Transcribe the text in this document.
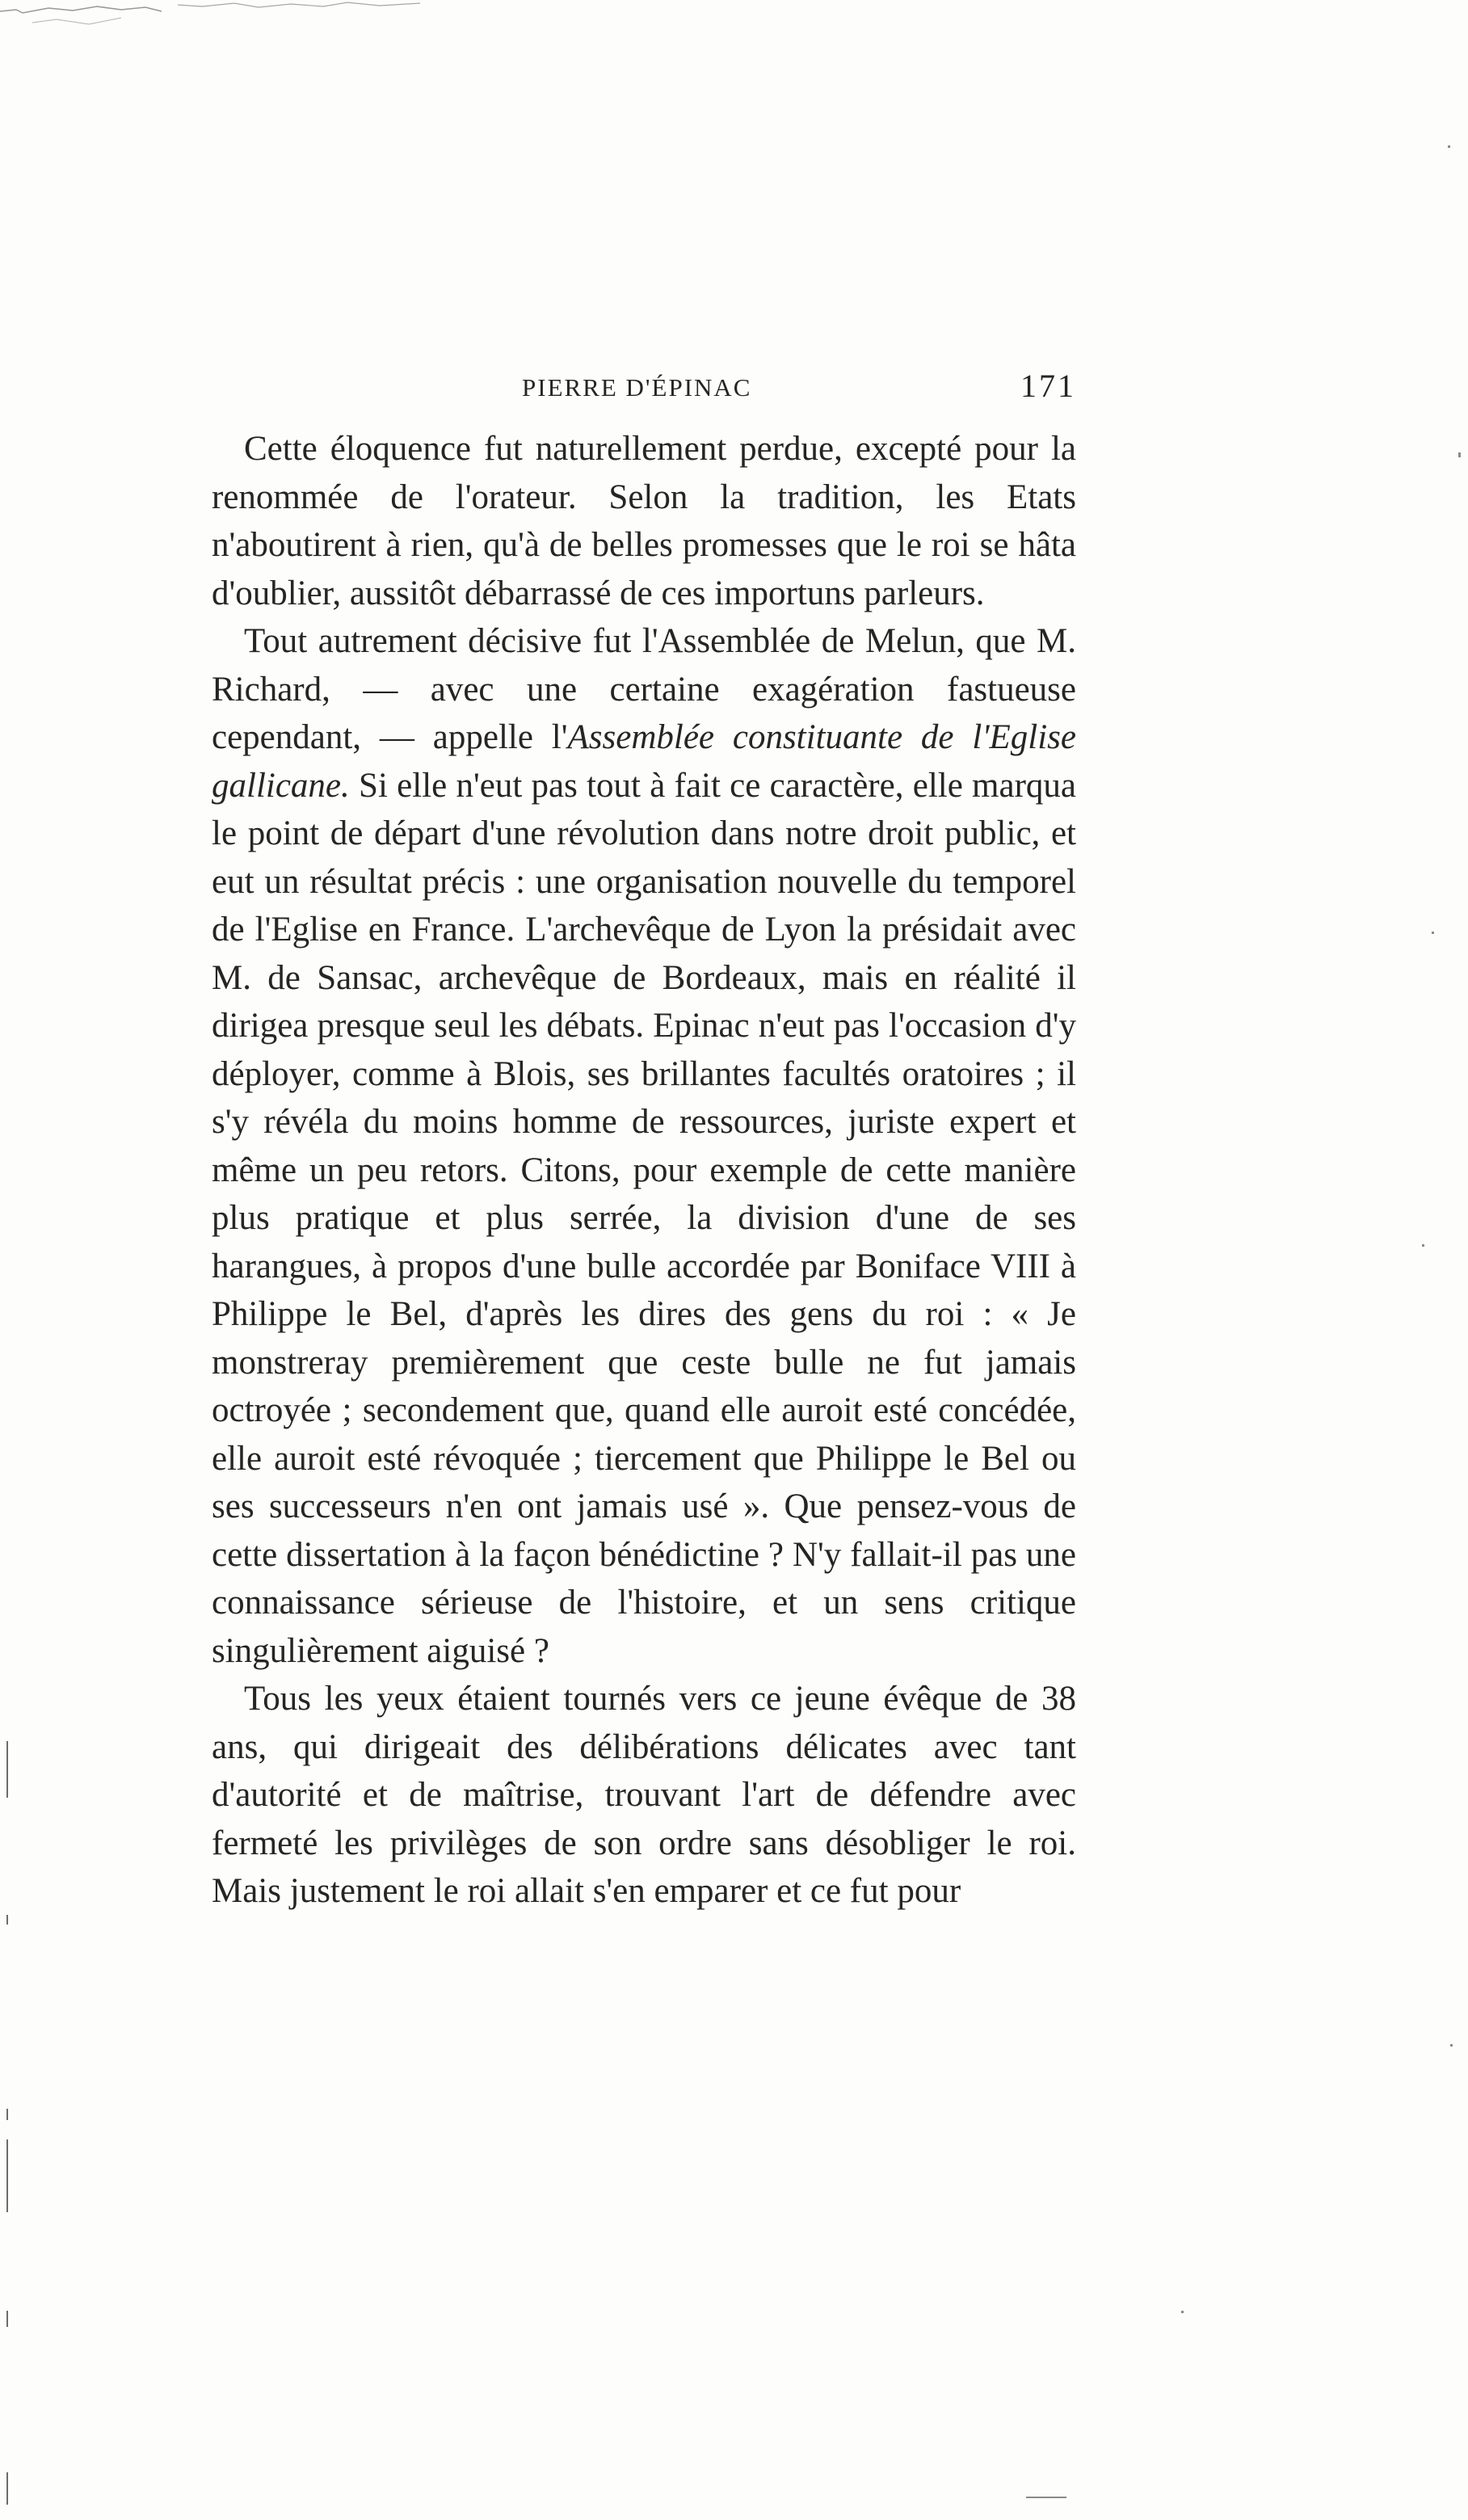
PIERRE D'ÉPINAC	171

Cette éloquence fut naturellement perdue, excepté pour la renommée de l'orateur. Selon la tradition, les Etats n'aboutirent à rien, qu'à de belles promesses que le roi se hâta d'oublier, aussitôt débarrassé de ces importuns parleurs.

Tout autrement décisive fut l'Assemblée de Melun, que M. Richard, — avec une certaine exagération fastueuse cependant, — appelle l'Assemblée constituante de l'Eglise gallicane. Si elle n'eut pas tout à fait ce caractère, elle marqua le point de départ d'une révolution dans notre droit public, et eut un résultat précis : une organisation nouvelle du temporel de l'Eglise en France. L'archevêque de Lyon la présidait avec M. de Sansac, archevêque de Bordeaux, mais en réalité il dirigea presque seul les débats. Epinac n'eut pas l'occasion d'y déployer, comme à Blois, ses brillantes facultés oratoires ; il s'y révéla du moins homme de ressources, juriste expert et même un peu retors. Citons, pour exemple de cette manière plus pratique et plus serrée, la division d'une de ses harangues, à propos d'une bulle accordée par Boniface VIII à Philippe le Bel, d'après les dires des gens du roi : « Je monstreray premièrement que ceste bulle ne fut jamais octroyée ; secondement que, quand elle auroit esté concédée, elle auroit esté révoquée ; tiercement que Philippe le Bel ou ses successeurs n'en ont jamais usé ». Que pensez-vous de cette dissertation à la façon bénédictine ? N'y fallait-il pas une connaissance sérieuse de l'histoire, et un sens critique singulièrement aiguisé ?

Tous les yeux étaient tournés vers ce jeune évêque de 38 ans, qui dirigeait des délibérations délicates avec tant d'autorité et de maîtrise, trouvant l'art de défendre avec fermeté les privilèges de son ordre sans désobliger le roi. Mais justement le roi allait s'en emparer et ce fut pour
